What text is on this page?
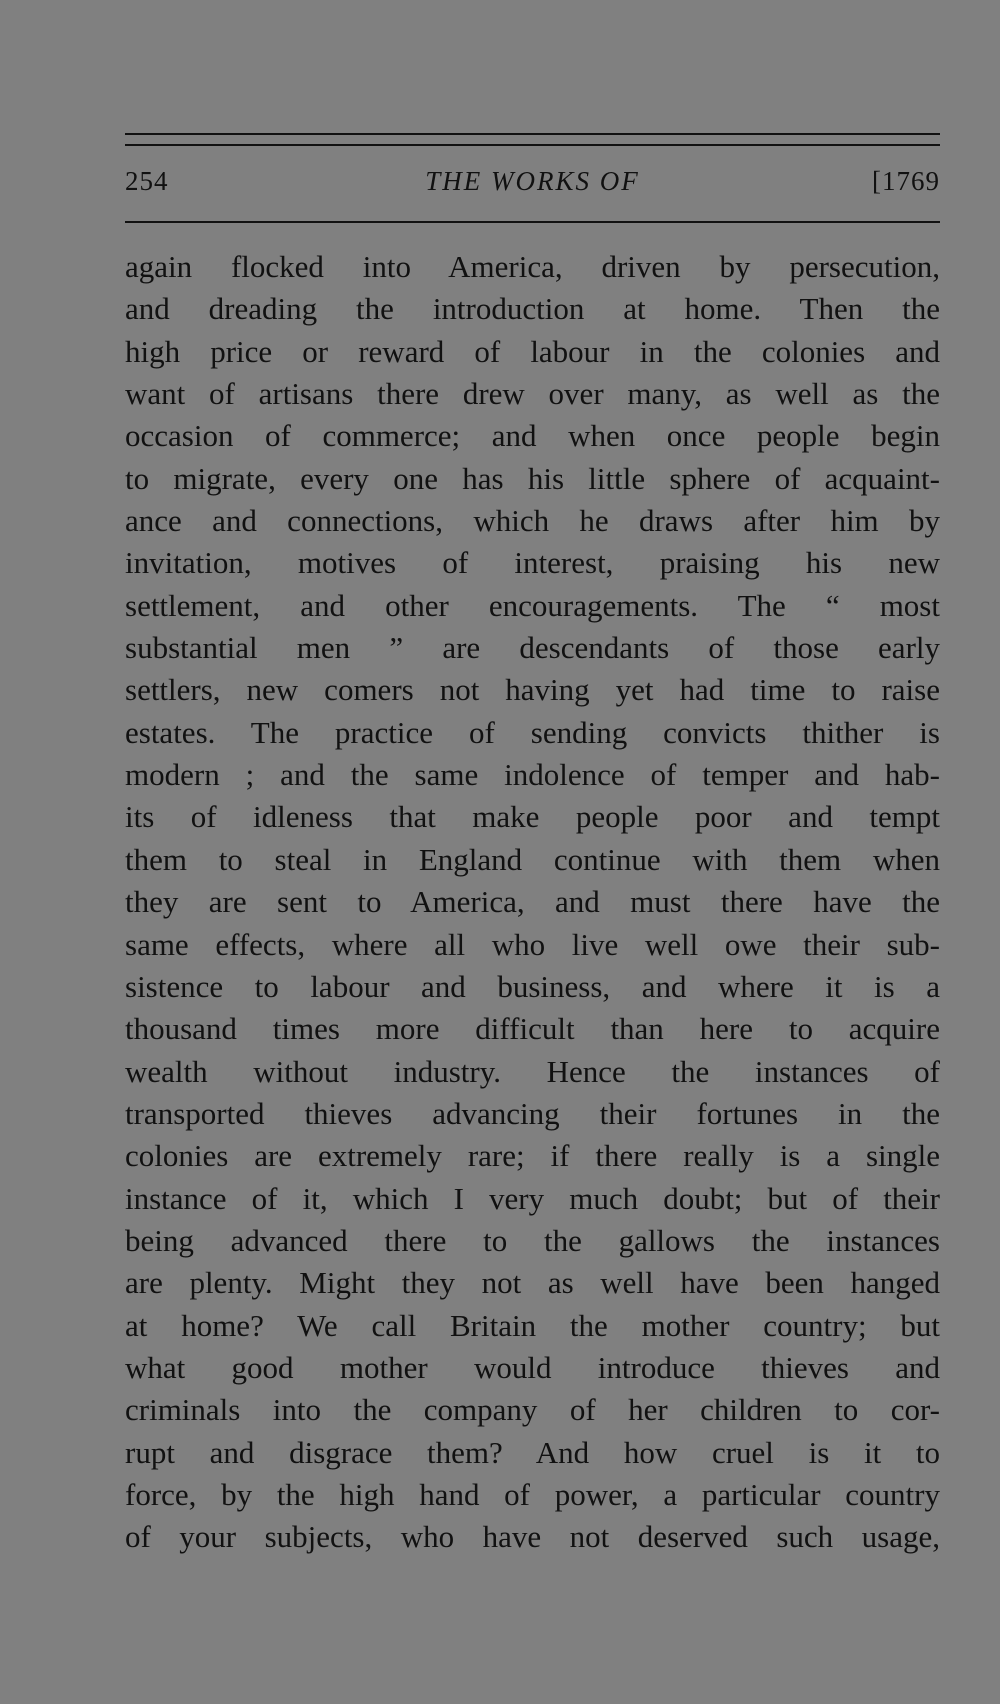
254	THE WORKS OF	[1769
again flocked into America, driven by persecution,
and dreading the introduction at home. Then the
high price or reward of labour in the colonies and
want of artisans there drew over many, as well as the
occasion of commerce; and when once people begin
to migrate, every one has his little sphere of acquaint-
ance and connections, which he draws after him by
invitation, motives of interest, praising his new
settlement, and other encouragements. The “ most
substantial men ” are descendants of those early
settlers, new comers not having yet had time to raise
estates. The practice of sending convicts thither is
modern ; and the same indolence of temper and hab-
its of idleness that make people poor and tempt
them to steal in England continue with them when
they are sent to America, and must there have the
same effects, where all who live well owe their sub-
sistence to labour and business, and where it is a
thousand times more difficult than here to acquire
wealth without industry. Hence the instances of
transported thieves advancing their fortunes in the
colonies are extremely rare; if there really is a single
instance of it, which I very much doubt; but of their
being advanced there to the gallows the instances
are plenty. Might they not as well have been hanged
at home? We call Britain the mother country; but
what good mother would introduce thieves and
criminals into the company of her children to cor-
rupt and disgrace them? And how cruel is it to
force, by the high hand of power, a particular country
of your subjects, who have not deserved such usage,
